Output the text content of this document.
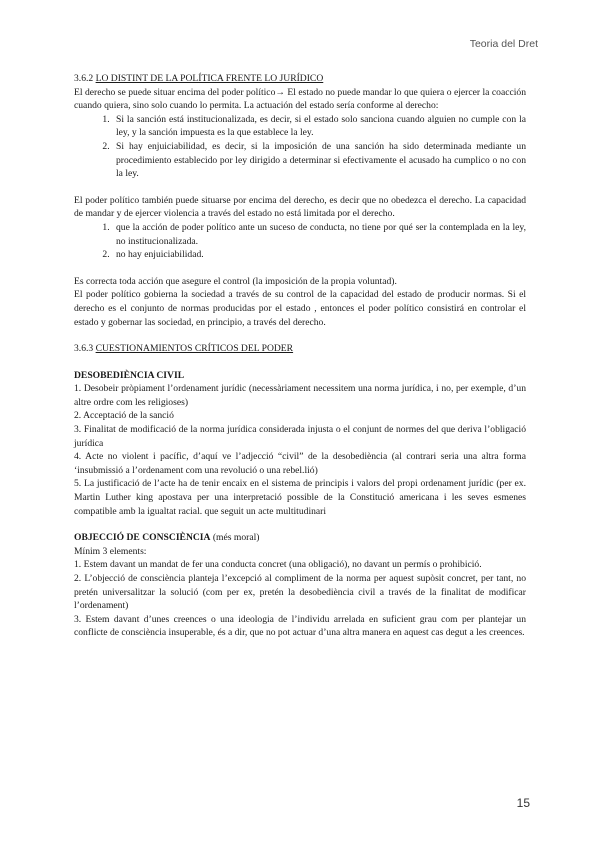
Teoria del Dret

3.6.2 LO DISTINT DE LA POLÍTICA FRENTE LO JURÍDICO

El derecho se puede situar encima del poder político→ El estado no puede mandar lo que quiera o ejercer la coacción cuando quiera, sino solo cuando lo permita. La actuación del estado sería conforme al derecho:

1. Si la sanción está institucionalizada, es decir, si el estado solo sanciona cuando alguien no cumple con la ley, y la sanción impuesta es la que establece la ley.
2. Si hay enjuiciabilidad, es decir, si la imposición de una sanción ha sido determinada mediante un procedimiento establecido por ley dirigido a determinar si efectivamente el acusado ha cumplico o no con la ley.

El poder político también puede situarse por encima del derecho, es decir que no obedezca el derecho. La capacidad de mandar y de ejercer violencia a través del estado no está limitada por el derecho.

1. que la acción de poder político ante un suceso de conducta, no tiene por qué ser la contemplada en la ley, no institucionalizada.
2. no hay enjuiciabilidad.

Es correcta toda acción que asegure el control (la imposición de la propia voluntad).

El poder político gobierna la sociedad a través de su control de la capacidad del estado de producir normas. Si el derecho es el conjunto de normas producidas por el estado , entonces el poder político consistirá en controlar el estado y gobernar las sociedad, en principio, a través del derecho.

3.6.3 CUESTIONAMIENTOS CRÍTICOS DEL PODER

DESOBEDIÈNCIA CIVIL

1. Desobeir pròpiament l’ordenament jurídic (necessàriament necessitem una norma jurídica, i no, per exemple, d’un altre ordre com les religioses)

2. Acceptació de la sanció

3. Finalitat de modificació de la norma jurídica considerada injusta o el conjunt de normes del que deriva l’obligació jurídica

4. Acte no violent i pacífic, d’aquí ve l’adjecció “civil” de la desobediència (al contrari seria una altra forma ‘insubmissió a l’ordenament com una revolució o una rebel.lió)

5. La justificació de l’acte ha de tenir encaix en el sistema de principis i valors del propi ordenament jurídic (per ex. Martin Luther king apostava per una interpretació possible de la Constitució americana i les seves esmenes compatible amb la igualtat racial. que seguit un acte multitudinari

OBJECCIÓ DE CONSCIÈNCIA (més moral)

Mínim 3 elements:

1. Estem davant un mandat de fer una conducta concret (una obligació), no davant un permís o prohibició.

2. L’objecció de consciència planteja l’excepció al compliment de la norma per aquest supòsit concret, per tant, no pretén universalitzar la solució (com per ex, pretén la desobediència civil a través de la finalitat de modificar l’ordenament)

3. Estem davant d’unes creences o una ideologia de l’individu arrelada en suficient grau com per plantejar un conflicte de consciència insuperable, és a dir, que no pot actuar d’una altra manera en aquest cas degut a les creences.

15
